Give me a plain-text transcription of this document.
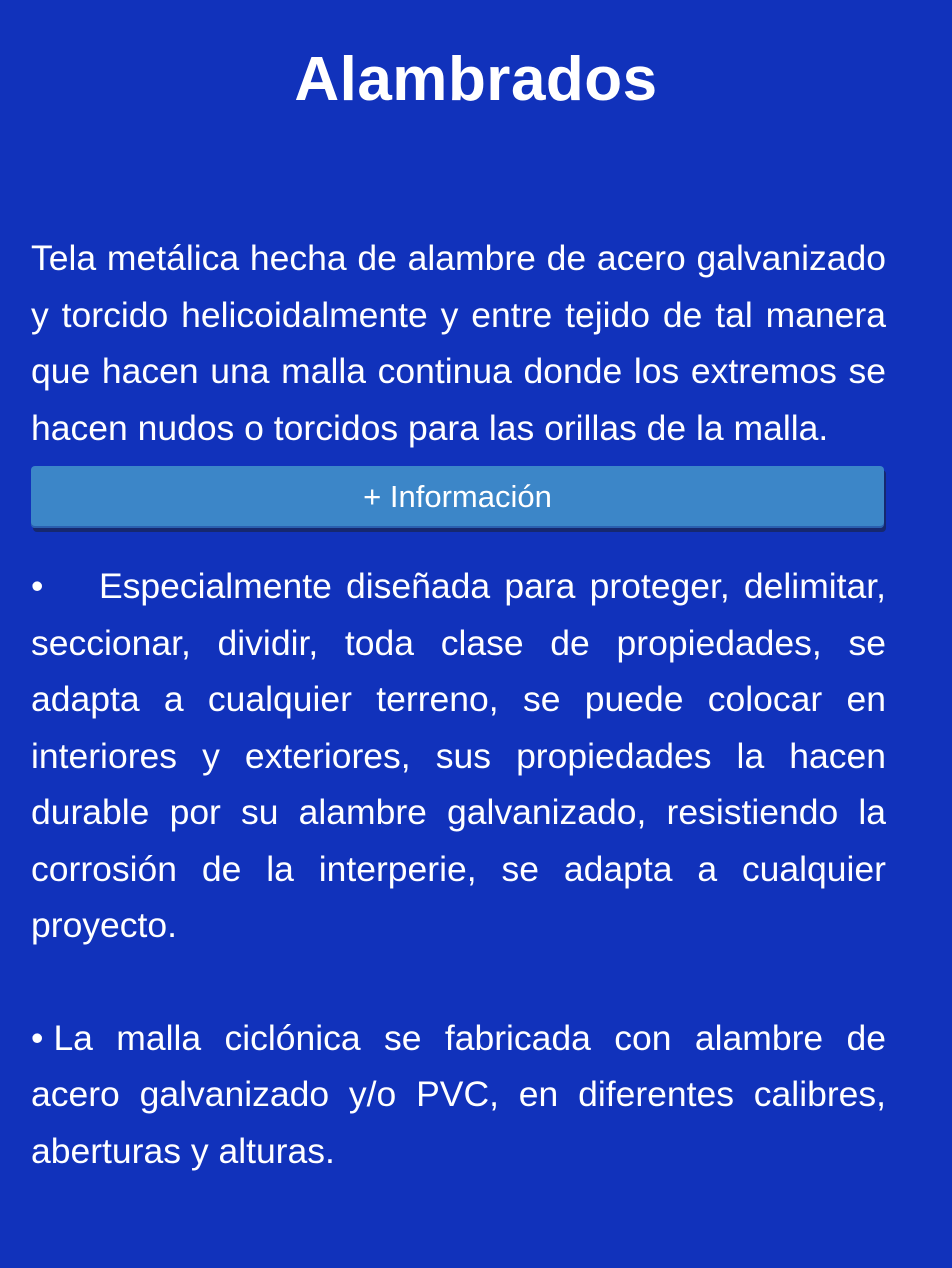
Alambrados

Tela metálica hecha de alambre de acero galvanizado y torcido helicoidalmente y entre tejido de tal manera que hacen una malla continua donde los extremos se hacen nudos o torcidos para las orillas de la malla.

+ Información

• Especialmente diseñada para proteger, delimitar, seccionar, dividir, toda clase de propiedades, se adapta a cualquier terreno, se puede colocar en interiores y exteriores, sus propiedades la hacen durable por su alambre galvanizado, resistiendo la corrosión de la interperie, se adapta a cualquier proyecto.

• La malla ciclónica se fabricada con alambre de acero galvanizado y/o PVC, en diferentes calibres, aberturas y alturas.
